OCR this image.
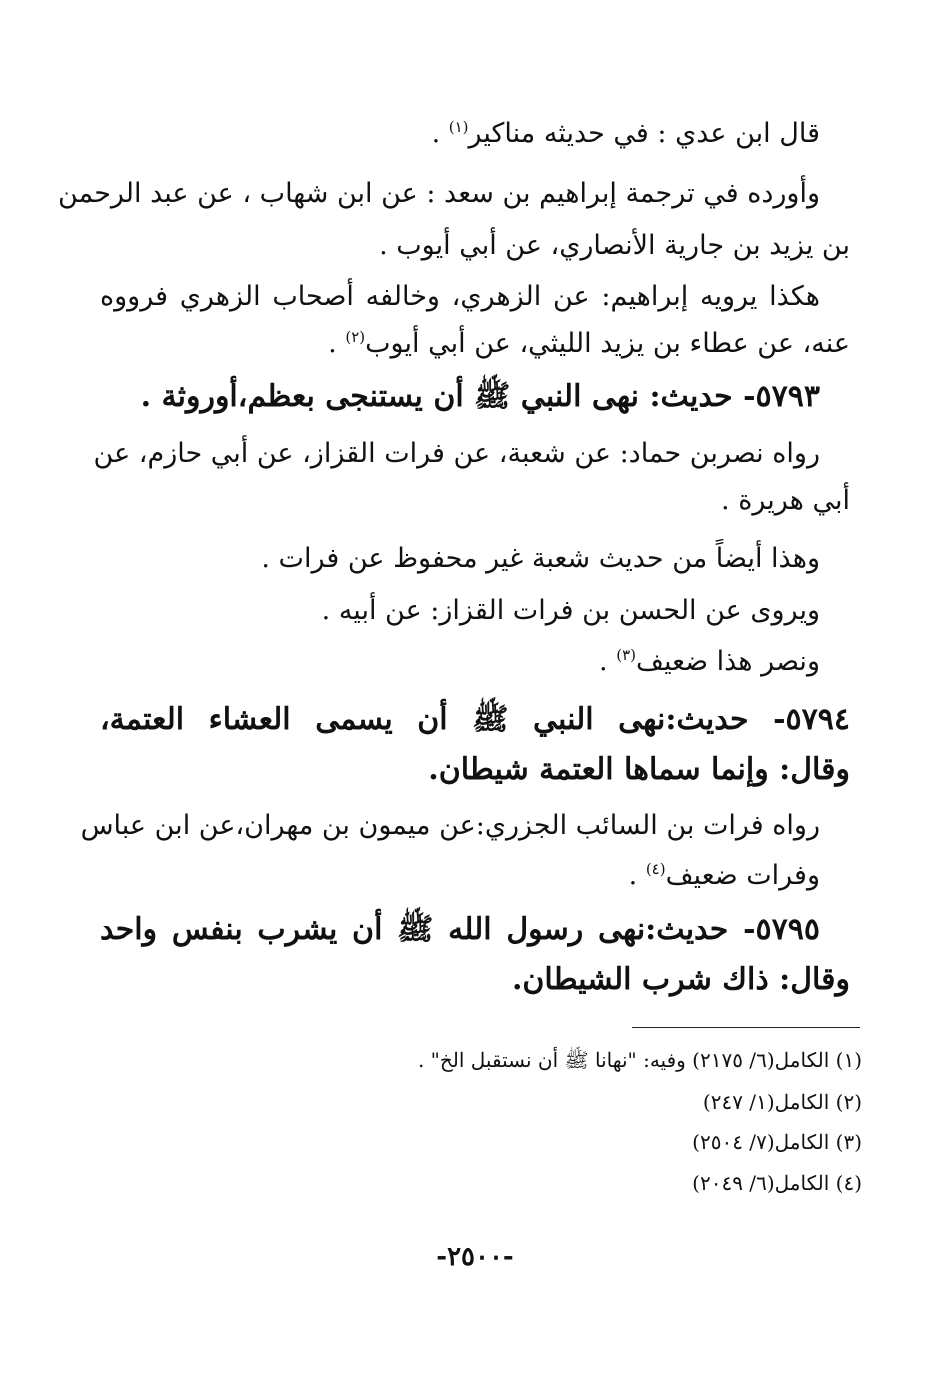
قال ابن عدي : في حديثه مناكير$^{(١)}$ .
وأورده في ترجمة إبراهيم بن سعد : عن ابن شهاب ، عن عبد الرحمن
بن يزيد بن جارية الأنصاري، عن أبي أيوب .
هكذا يرويه إبراهيم: عن الزهري، وخالفه أصحاب الزهري فرووه
عنه، عن عطاء بن يزيد الليثي، عن أبي أيوب$^{(٢)}$ .
٥٧٩٣- حديث: نهى النبي ﷺ أن يستنجى بعظم،أوروثة .
رواه نصربن حماد: عن شعبة، عن فرات القزاز، عن أبي حازم، عن
أبي هريرة .
وهذا أيضاً من حديث شعبة غير محفوظ عن فرات .
ويروى عن الحسن بن فرات القزاز: عن أبيه .
ونصر هذا ضعيف$^{(٣)}$ .
٥٧٩٤- حديث:نهى النبي ﷺ أن يسمى العشاء العتمة،
وقال: وإنما سماها العتمة شيطان.
رواه فرات بن السائب الجزري:عن ميمون بن مهران،عن ابن عباس
وفرات ضعيف$^{(٤)}$ .
٥٧٩٥- حديث:نهى رسول الله ﷺ أن يشرب بنفس واحد
وقال: ذاك شرب الشيطان.
(١) الكامل(٦/ ٢١٧٥) وفيه: "نهانا ﷺ أن نستقبل الخ" .
(٢) الكامل(١/ ٢٤٧)
(٣) الكامل(٧/ ٢٥٠٤)
(٤) الكامل(٦/ ٢٠٤٩)
-٢٥٠٠-
